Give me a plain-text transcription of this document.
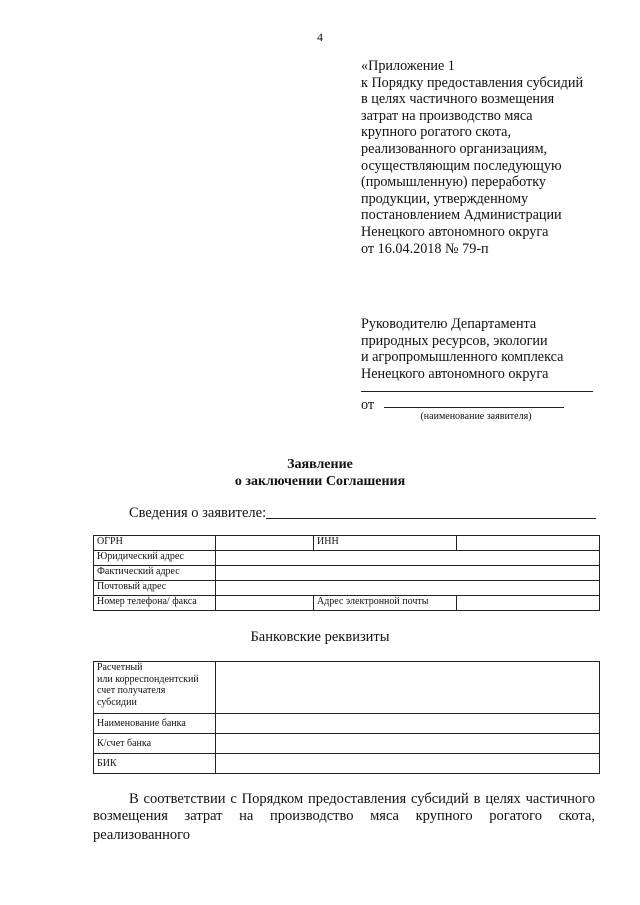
4
«Приложение 1
к Порядку предоставления субсидий
в целях частичного возмещения
затрат на производство мяса
крупного рогатого скота,
реализованного организациям,
осуществляющим последующую
(промышленную) переработку
продукции, утвержденному
постановлением Администрации
Ненецкого автономного округа
от 16.04.2018 № 79-п
Руководителю Департамента
природных ресурсов, экологии
и агропромышленного комплекса
Ненецкого автономного округа
от
(наименование заявителя)
Заявление
о заключении Соглашения
Сведения о заявителе:
ОГРН		ИНН	
Юридический адрес			
Фактический адрес			
Почтовый адрес			
Номер телефона/ факса		Адрес электронной почты	
Банковские реквизиты
Расчетный
или корреспондентский
счет получателя
субсидии	

Наименование банка	
К/счет банка	
БИК	
В соответствии с Порядком предоставления субсидий в целях частичного
возмещения затрат на производство мяса крупного рогатого скота, реализованного
